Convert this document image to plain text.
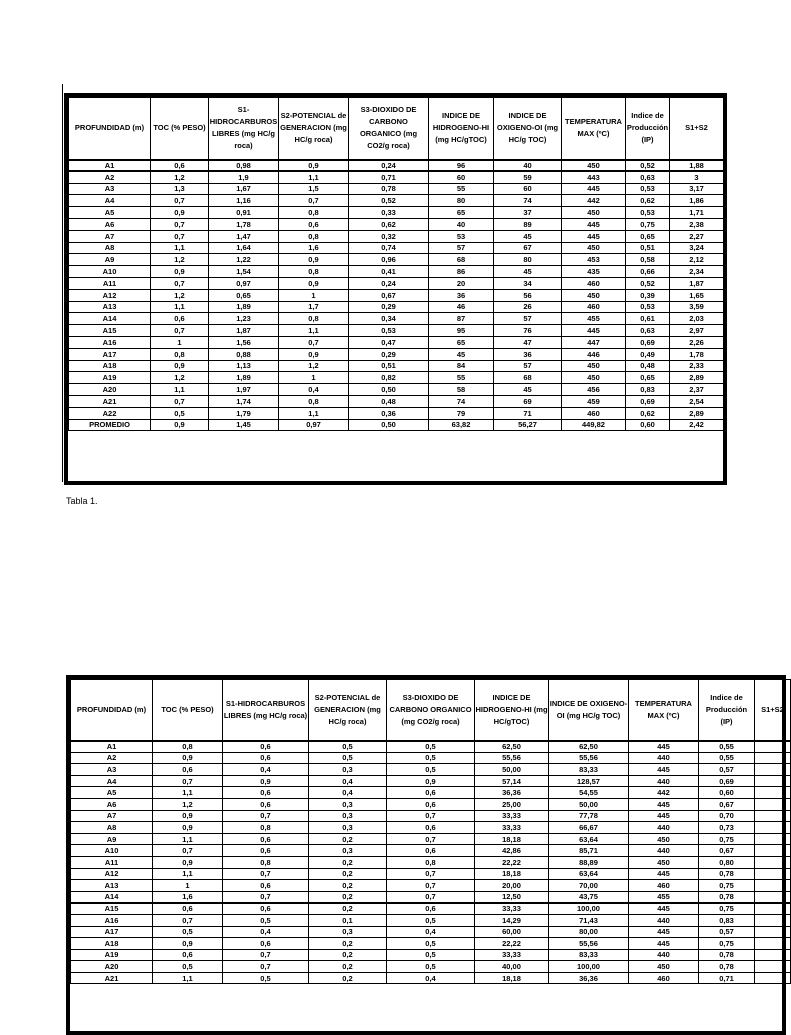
PROFUNDIDAD (m)	TOC (% PESO)	S1-HIDROCARBUROS LIBRES (mg HC/g roca)	S2-POTENCIAL de GENERACION (mg HC/g roca)	S3-DIOXIDO DE CARBONO ORGANICO (mg CO2/g roca)	INDICE DE HIDROGENO-HI (mg HC/gTOC)	INDICE DE OXIGENO-OI (mg HC/g TOC)	TEMPERATURA MAX (ºC)	Indice de Producción (IP)	S1+S2
A1	0,6	0,98	0,9	0,24	96	40	450	0,52	1,88
A2	1,2	1,9	1,1	0,71	60	59	443	0,63	3
A3	1,3	1,67	1,5	0,78	55	60	445	0,53	3,17
A4	0,7	1,16	0,7	0,52	80	74	442	0,62	1,86
A5	0,9	0,91	0,8	0,33	65	37	450	0,53	1,71
A6	0,7	1,78	0,6	0,62	40	89	445	0,75	2,38
A7	0,7	1,47	0,8	0,32	53	45	445	0,65	2,27
A8	1,1	1,64	1,6	0,74	57	67	450	0,51	3,24
A9	1,2	1,22	0,9	0,96	68	80	453	0,58	2,12
A10	0,9	1,54	0,8	0,41	86	45	435	0,66	2,34
A11	0,7	0,97	0,9	0,24	20	34	460	0,52	1,87
A12	1,2	0,65	1	0,67	36	56	450	0,39	1,65
A13	1,1	1,89	1,7	0,29	46	26	460	0,53	3,59
A14	0,6	1,23	0,8	0,34	87	57	455	0,61	2,03
A15	0,7	1,87	1,1	0,53	95	76	445	0,63	2,97
A16	1	1,56	0,7	0,47	65	47	447	0,69	2,26
A17	0,8	0,88	0,9	0,29	45	36	446	0,49	1,78
A18	0,9	1,13	1,2	0,51	84	57	450	0,48	2,33
A19	1,2	1,89	1	0,82	55	68	450	0,65	2,89
A20	1,1	1,97	0,4	0,50	58	45	456	0,83	2,37
A21	0,7	1,74	0,8	0,48	74	69	459	0,69	2,54
A22	0,5	1,79	1,1	0,36	79	71	460	0,62	2,89
PROMEDIO	0,9	1,45	0,97	0,50	63,82	56,27	449,82	0,60	2,42
Tabla 1.
PROFUNDIDAD (m)	TOC (% PESO)	S1-HIDROCARBUROS LIBRES (mg HC/g roca)	S2-POTENCIAL de GENERACION (mg HC/g roca)	S3-DIOXIDO DE CARBONO ORGANICO (mg CO2/g roca)	INDICE DE HIDROGENO-HI (mg HC/gTOC)	INDICE DE OXIGENO-OI (mg HC/g TOC)	TEMPERATURA MAX (ºC)	Indice de Producción (IP)	S1+S2
A1	0,8	0,6	0,5	0,5	62,50	62,50	445	0,55	
A2	0,9	0,6	0,5	0,5	55,56	55,56	440	0,55	
A3	0,6	0,4	0,3	0,5	50,00	83,33	445	0,57	
A4	0,7	0,9	0,4	0,9	57,14	128,57	440	0,69	
A5	1,1	0,6	0,4	0,6	36,36	54,55	442	0,60	
A6	1,2	0,6	0,3	0,6	25,00	50,00	445	0,67	
A7	0,9	0,7	0,3	0,7	33,33	77,78	445	0,70	
A8	0,9	0,8	0,3	0,6	33,33	66,67	440	0,73	
A9	1,1	0,6	0,2	0,7	18,18	63,64	450	0,75	
A10	0,7	0,6	0,3	0,6	42,86	85,71	440	0,67	
A11	0,9	0,8	0,2	0,8	22,22	88,89	450	0,80	
A12	1,1	0,7	0,2	0,7	18,18	63,64	445	0,78	
A13	1	0,6	0,2	0,7	20,00	70,00	460	0,75	
A14	1,6	0,7	0,2	0,7	12,50	43,75	455	0,78	
A15	0,6	0,6	0,2	0,6	33,33	100,00	445	0,75	
A16	0,7	0,5	0,1	0,5	14,29	71,43	440	0,83	
A17	0,5	0,4	0,3	0,4	60,00	80,00	445	0,57	
A18	0,9	0,6	0,2	0,5	22,22	55,56	445	0,75	
A19	0,6	0,7	0,2	0,5	33,33	83,33	440	0,78	
A20	0,5	0,7	0,2	0,5	40,00	100,00	450	0,78	
A21	1,1	0,5	0,2	0,4	18,18	36,36	460	0,71	
